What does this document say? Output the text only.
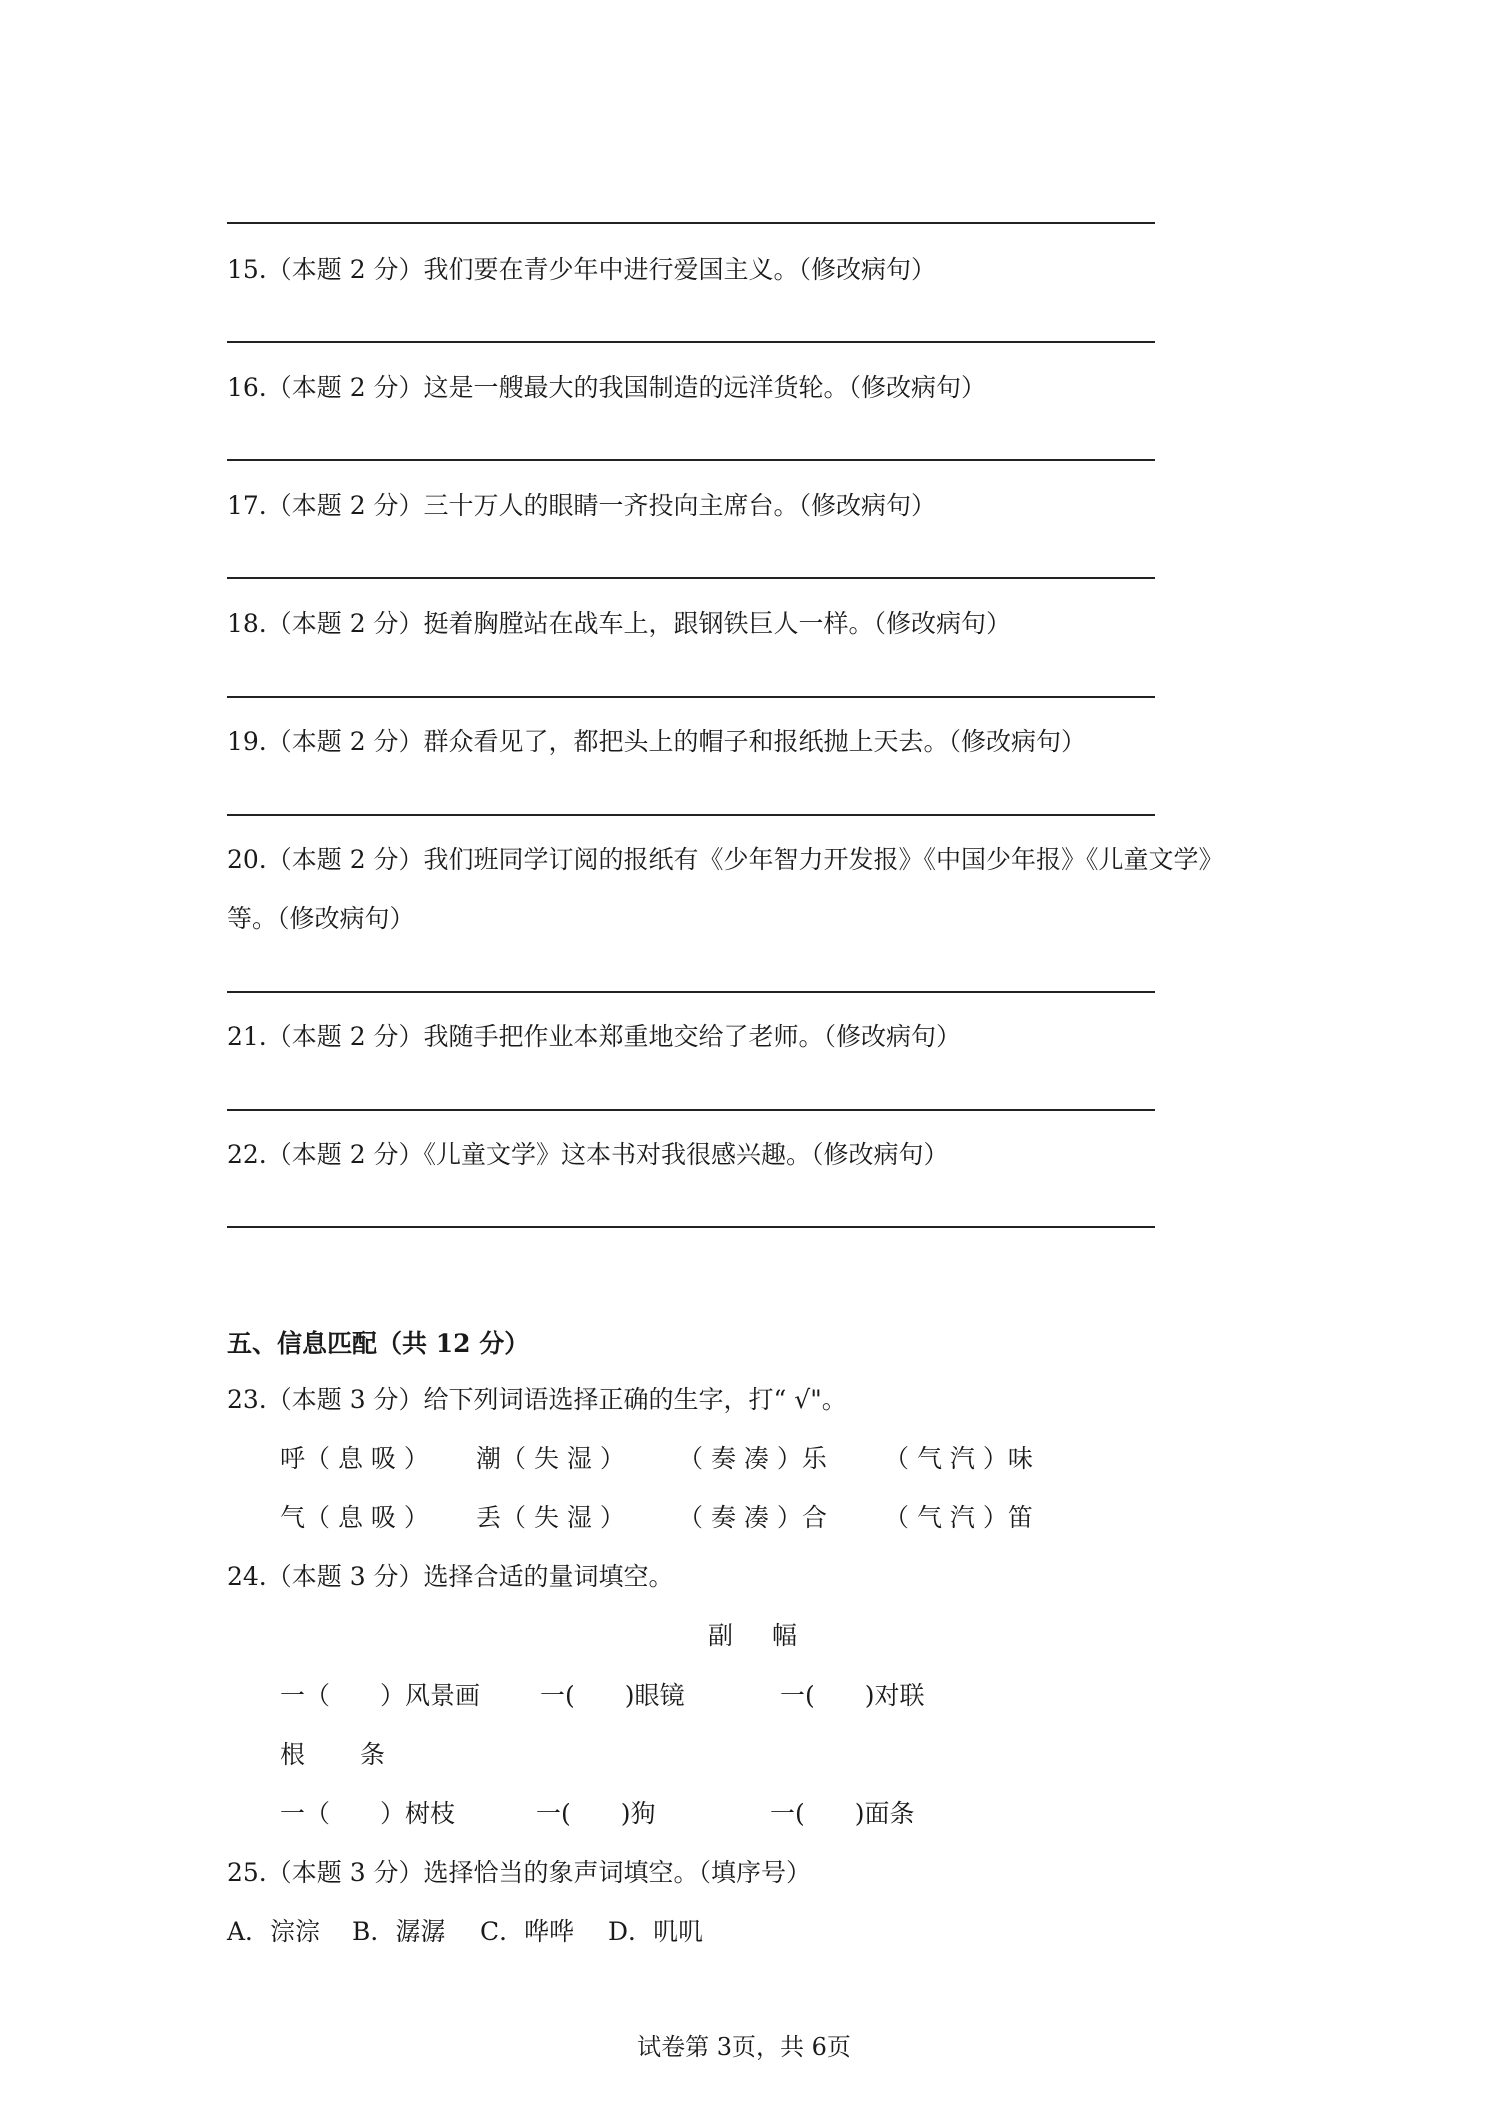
15.（本题 2 分）我们要在青少年中进行爱国主义。（修改病句）
16.（本题 2 分）这是一艘最大的我国制造的远洋货轮。（修改病句）
17.（本题 2 分）三十万人的眼睛一齐投向主席台。（修改病句）
18.（本题 2 分）挺着胸膛站在战车上，跟钢铁巨人一样。（修改病句）
19.（本题 2 分）群众看见了，都把头上的帽子和报纸抛上天去。（修改病句）
20.（本题 2 分）我们班同学订阅的报纸有《少年智力开发报》《中国少年报》《儿童文学》
等。（修改病句）
21.（本题 2 分）我随手把作业本郑重地交给了老师。（修改病句）
22.（本题 2 分）《儿童文学》这本书对我很感兴趣。（修改病句）
五、信息匹配（共 12 分）
23.（本题 3 分）给下列词语选择正确的生字，打“ √"。
呼（ 息 吸 ） 潮（ 失 湿 ） （ 奏 凑 ）乐 （ 气 汽 ）味
气（ 息 吸 ） 丢（ 失 湿 ） （ 奏 凑 ）合 （ 气 汽 ）笛
24.（本题 3 分）选择合适的量词填空。
副 幅
一（　　）风景画 一(　　)眼镜	一(　　)对联
根 条
一（　　）树枝	一(　　)狗	一(　　)面条
25.（本题 3 分）选择恰当的象声词填空。（填序号）
A．淙淙 B．潺潺 C．哗哗 D．叽叽
试卷第 3页，共 6页
